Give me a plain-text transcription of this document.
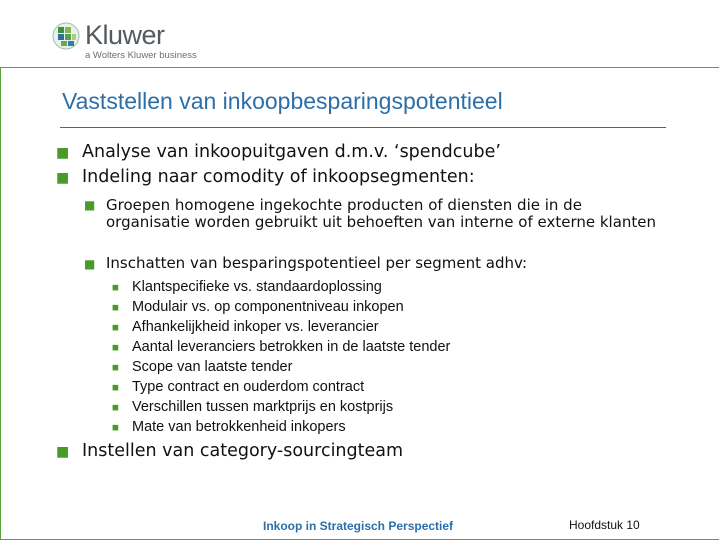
Kluwer
a Wolters Kluwer business
Vaststellen van inkoopbesparingspotentieel
■ Analyse van inkoopuitgaven d.m.v. ‘spendcube’
■ Indeling naar comodity of inkoopsegmenten:
■ Groepen homogene ingekochte producten of diensten die in de organisatie worden gebruikt uit behoeften van interne of externe klanten
■ Inschatten van besparingspotentieel per segment adhv:
■ Klantspecifieke vs. standaardoplossing
■ Modulair vs. op componentniveau inkopen
■ Afhankelijkheid inkoper vs. leverancier
■ Aantal leveranciers betrokken in de laatste tender
■ Scope van laatste tender
■ Type contract en ouderdom contract
■ Verschillen tussen marktprijs en kostprijs
■ Mate van betrokkenheid inkopers
■ Instellen van category-sourcingteam
Inkoop in Strategisch Perspectief	Hoofdstuk 10
